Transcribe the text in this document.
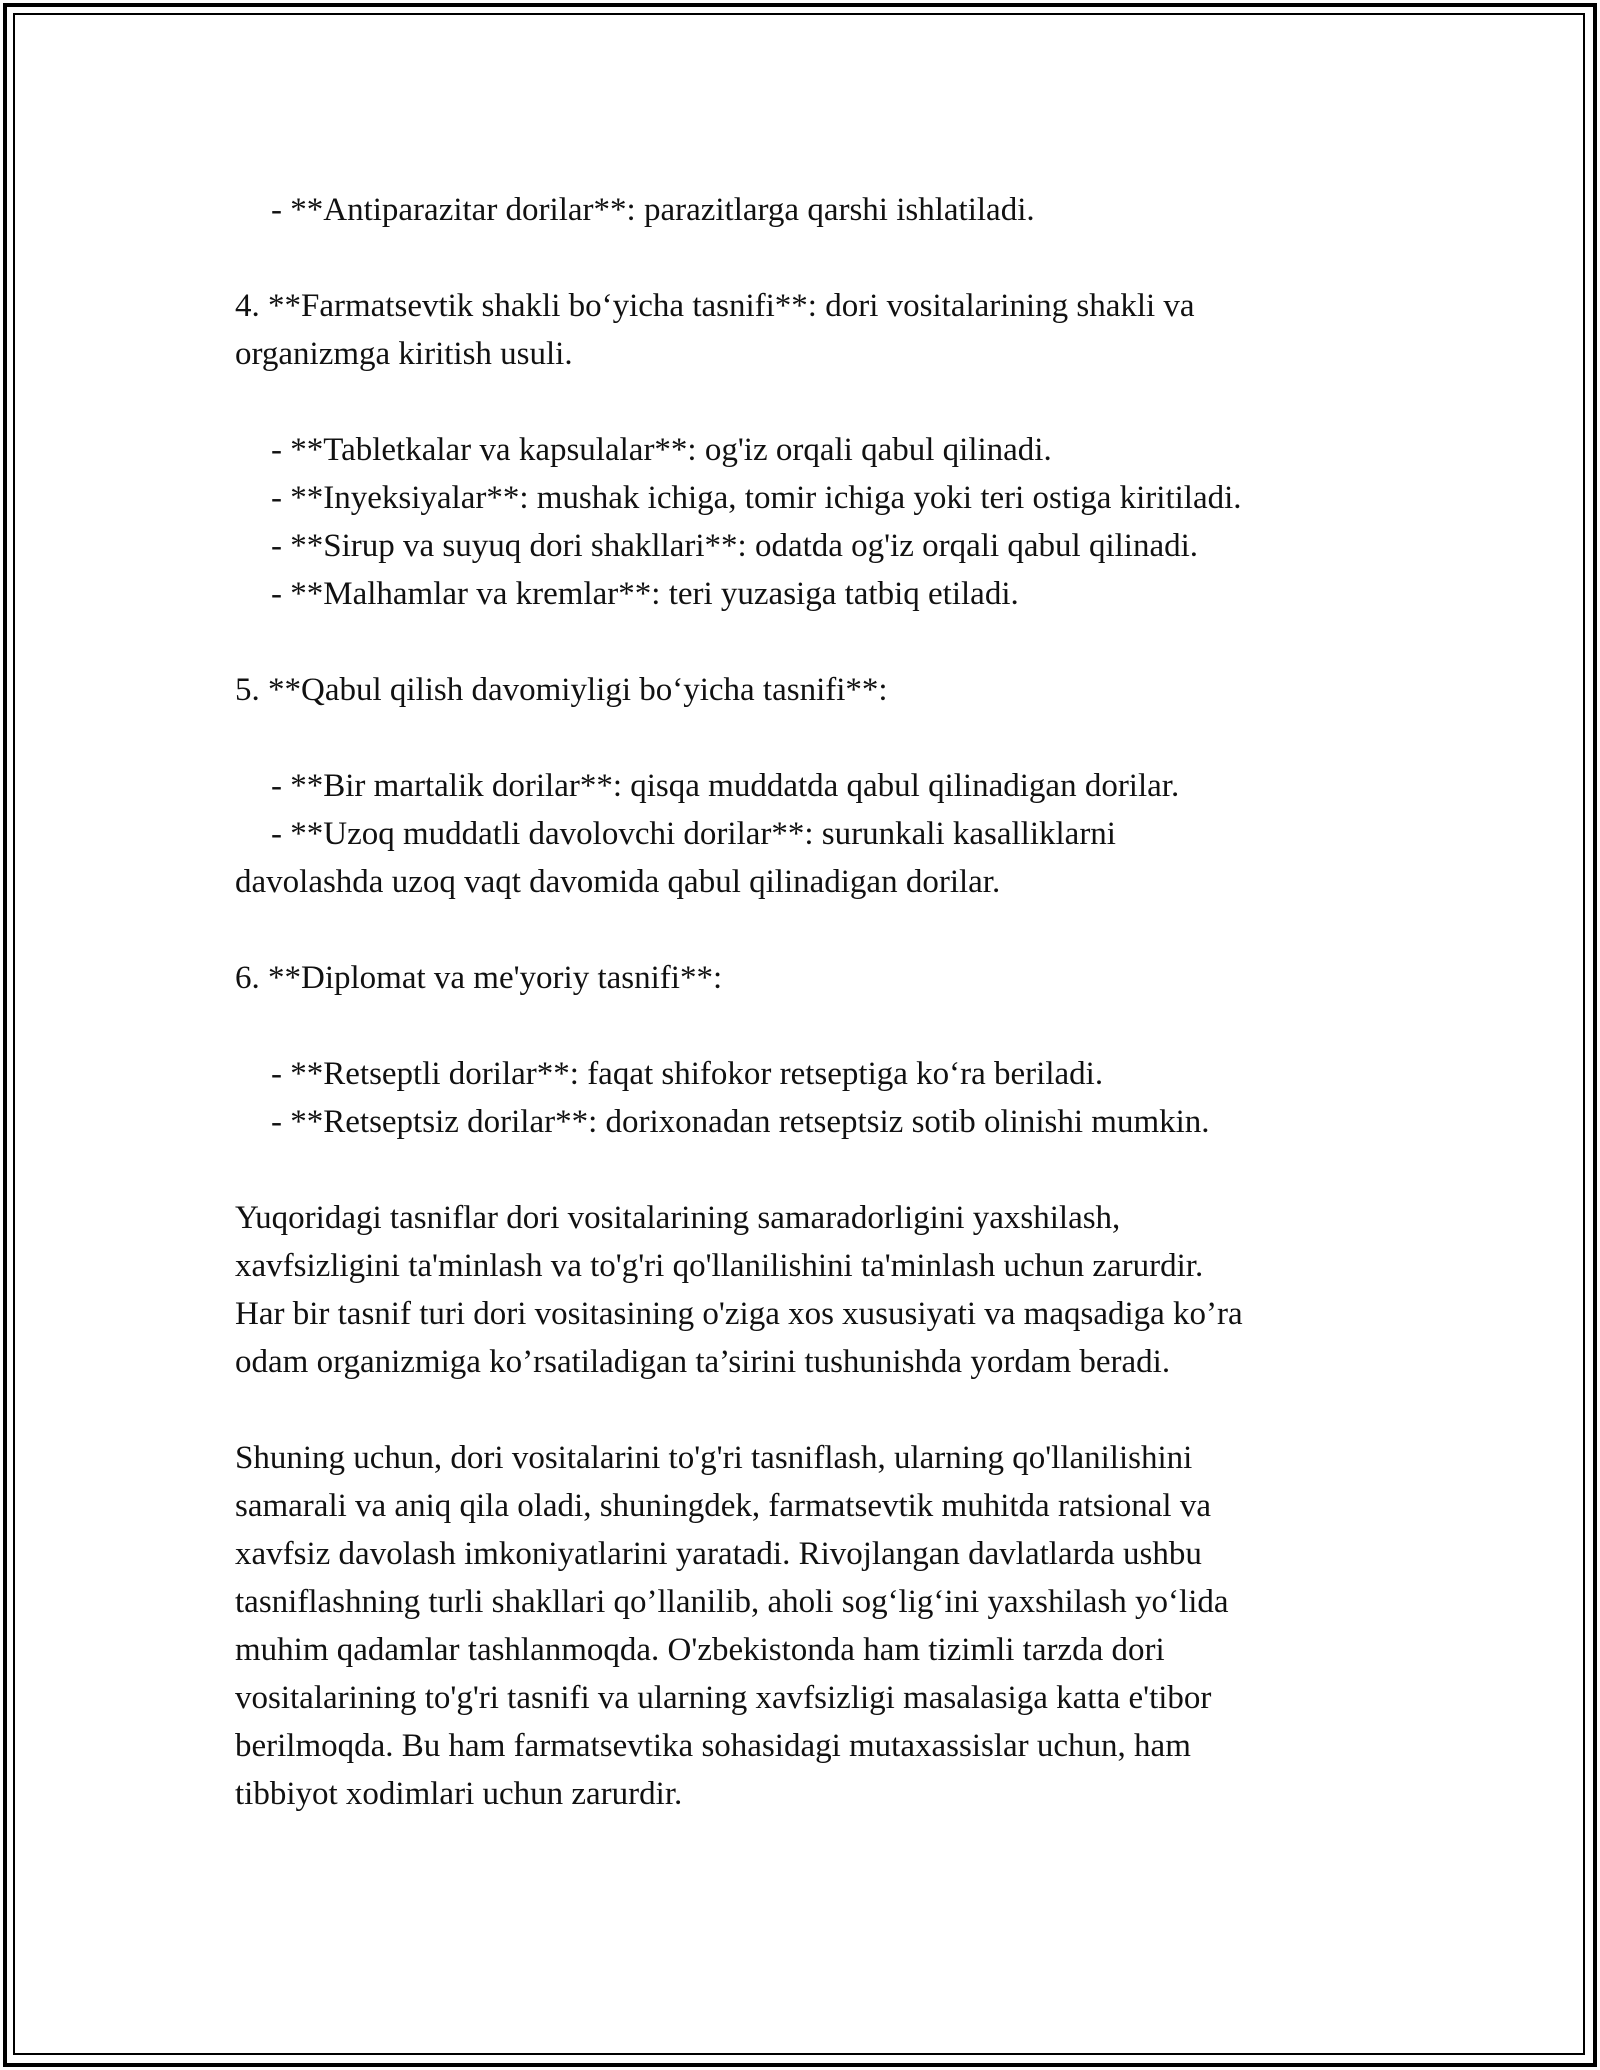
- **Antiparazitar dorilar**: parazitlarga qarshi ishlatiladi.
4. **Farmatsevtik shakli bo‘yicha tasnifi**: dori vositalarining shakli va
organizmga kiritish usuli.
- **Tabletkalar va kapsulalar**: og'iz orqali qabul qilinadi.
- **Inyeksiyalar**: mushak ichiga, tomir ichiga yoki teri ostiga kiritiladi.
- **Sirup va suyuq dori shakllari**: odatda og'iz orqali qabul qilinadi.
- **Malhamlar va kremlar**: teri yuzasiga tatbiq etiladi.
5. **Qabul qilish davomiyligi bo‘yicha tasnifi**:
- **Bir martalik dorilar**: qisqa muddatda qabul qilinadigan dorilar.
- **Uzoq muddatli davolovchi dorilar**: surunkali kasalliklarni
davolashda uzoq vaqt davomida qabul qilinadigan dorilar.
6. **Diplomat va me'yoriy tasnifi**:
- **Retseptli dorilar**: faqat shifokor retseptiga ko‘ra beriladi.
- **Retseptsiz dorilar**: dorixonadan retseptsiz sotib olinishi mumkin.
Yuqoridagi tasniflar dori vositalarining samaradorligini yaxshilash,
xavfsizligini ta'minlash va to'g'ri qo'llanilishini ta'minlash uchun zarurdir.
Har bir tasnif turi dori vositasining o'ziga xos xususiyati va maqsadiga ko’ra
odam organizmiga ko’rsatiladigan ta’sirini tushunishda yordam beradi.
Shuning uchun, dori vositalarini to'g'ri tasniflash, ularning qo'llanilishini
samarali va aniq qila oladi, shuningdek, farmatsevtik muhitda ratsional va
xavfsiz davolash imkoniyatlarini yaratadi. Rivojlangan davlatlarda ushbu
tasniflashning turli shakllari qo’llanilib, aholi sog‘lig‘ini yaxshilash yo‘lida
muhim qadamlar tashlanmoqda. O'zbekistonda ham tizimli tarzda dori
vositalarining to'g'ri tasnifi va ularning xavfsizligi masalasiga katta e'tibor
berilmoqda. Bu ham farmatsevtika sohasidagi mutaxassislar uchun, ham
tibbiyot xodimlari uchun zarurdir.
